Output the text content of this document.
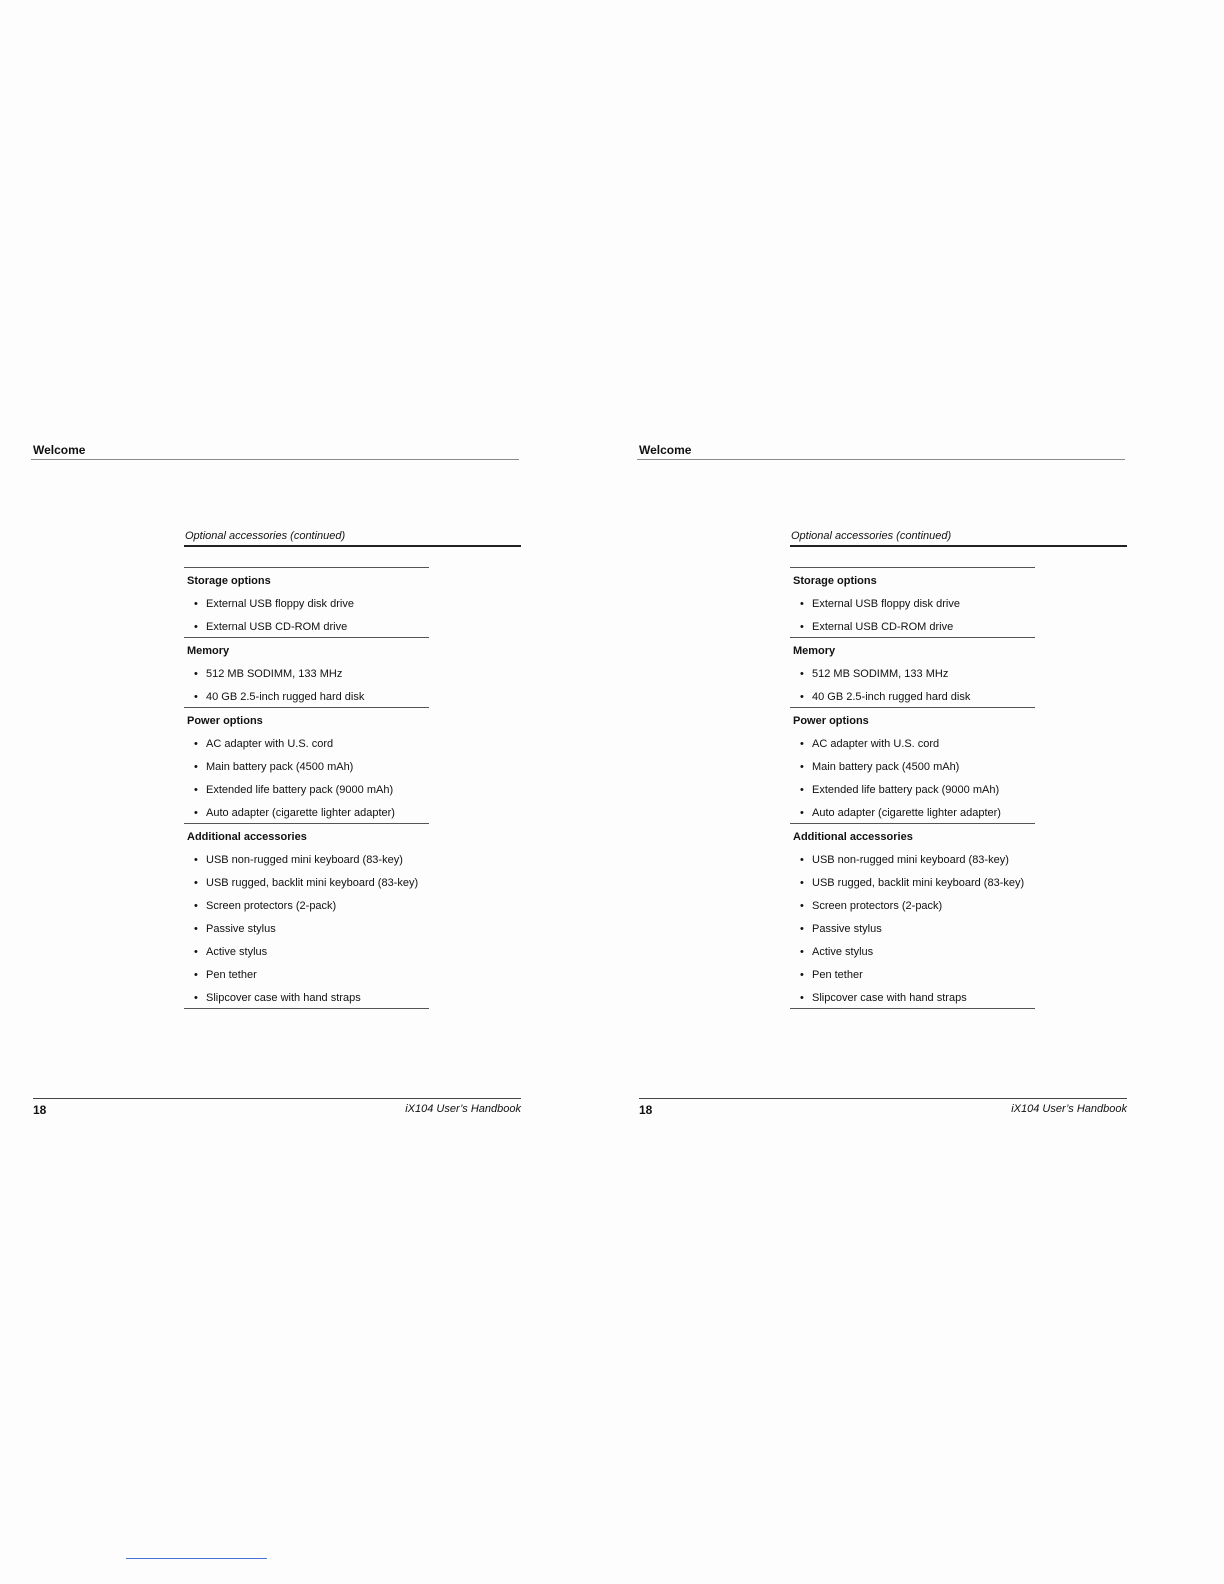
Welcome
Optional accessories (continued)
Storage options
• External USB floppy disk drive
• External USB CD-ROM drive
Memory
• 512 MB SODIMM, 133 MHz
• 40 GB 2.5-inch rugged hard disk
Power options
• AC adapter with U.S. cord
• Main battery pack (4500 mAh)
• Extended life battery pack (9000 mAh)
• Auto adapter (cigarette lighter adapter)
Additional accessories
• USB non-rugged mini keyboard (83-key)
• USB rugged, backlit mini keyboard (83-key)
• Screen protectors (2-pack)
• Passive stylus
• Active stylus
• Pen tether
• Slipcover case with hand straps
18	iX104 User’s Handbook
Welcome
Optional accessories (continued)
Storage options
• External USB floppy disk drive
• External USB CD-ROM drive
Memory
• 512 MB SODIMM, 133 MHz
• 40 GB 2.5-inch rugged hard disk
Power options
• AC adapter with U.S. cord
• Main battery pack (4500 mAh)
• Extended life battery pack (9000 mAh)
• Auto adapter (cigarette lighter adapter)
Additional accessories
• USB non-rugged mini keyboard (83-key)
• USB rugged, backlit mini keyboard (83-key)
• Screen protectors (2-pack)
• Passive stylus
• Active stylus
• Pen tether
• Slipcover case with hand straps
18	iX104 User’s Handbook
